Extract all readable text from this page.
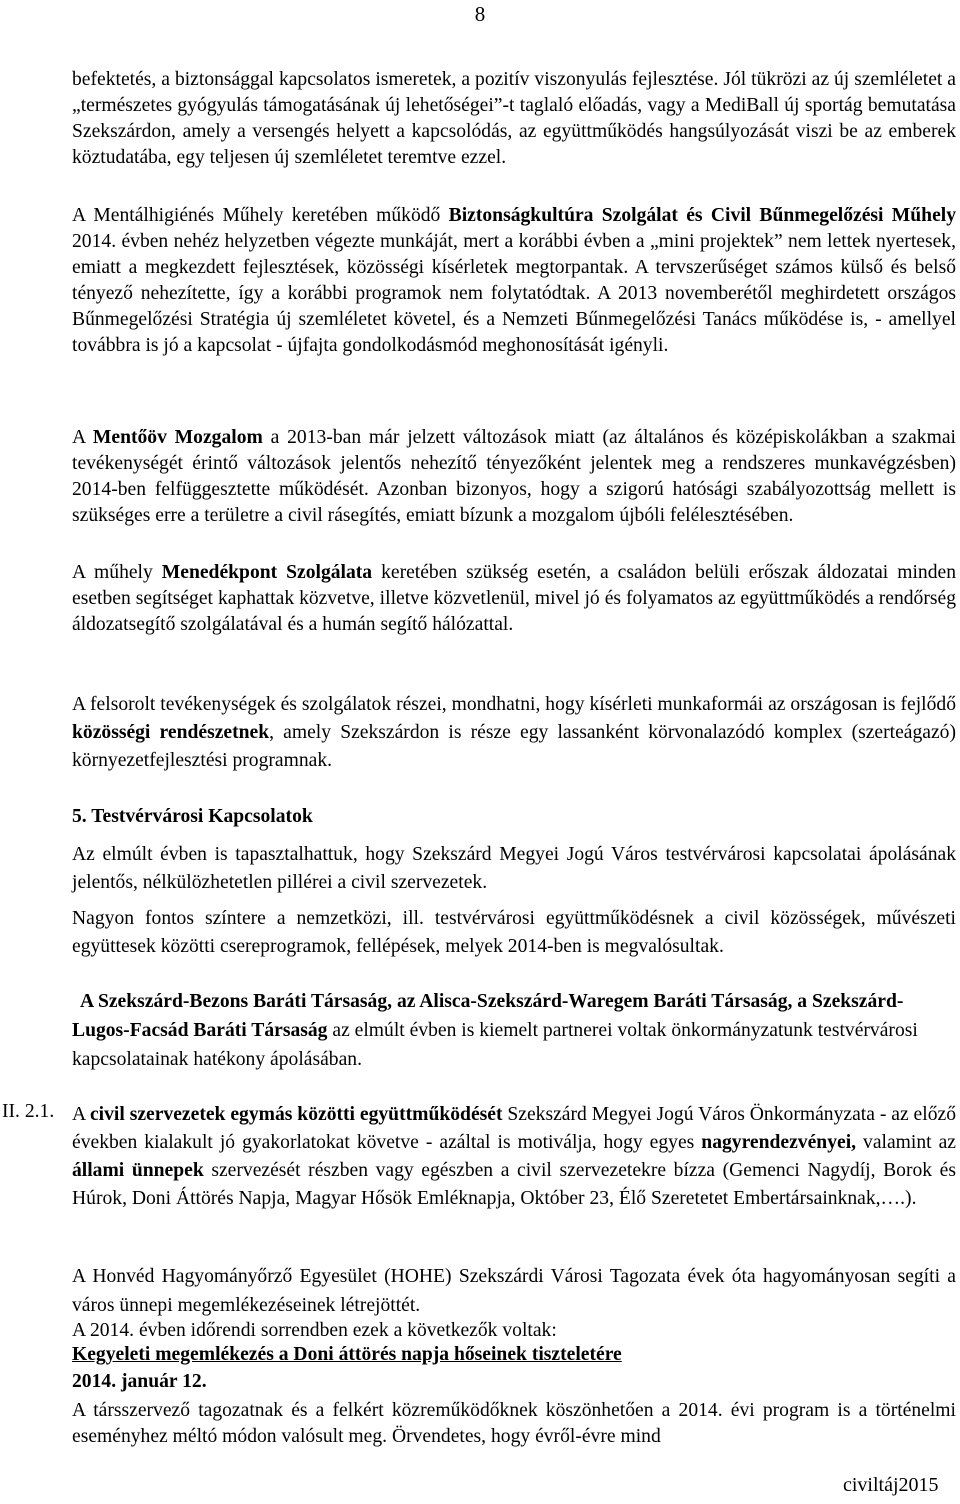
8
befektetés, a biztonsággal kapcsolatos ismeretek, a pozitív viszonyulás fejlesztése. Jól tükrözi az új szemléletet a „természetes gyógyulás támogatásának új lehetőségei”-t taglaló előadás, vagy a MediBall új sportág bemutatása Szekszárdon, amely a versengés helyett a kapcsolódás, az együttműködés hangsúlyozását viszi be az emberek köztudatába, egy teljesen új szemléletet teremtve ezzel.
A Mentálhigiénés Műhely keretében működő Biztonságkultúra Szolgálat és Civil Bűnmegelőzési Műhely 2014. évben nehéz helyzetben végezte munkáját, mert a korábbi évben a „mini projektek” nem lettek nyertesek, emiatt a megkezdett fejlesztések, közösségi kísérletek megtorpantak. A tervszerűséget számos külső és belső tényező nehezítette, így a korábbi programok nem folytatódtak. A 2013 novemberétől meghirdetett országos Bűnmegelőzési Stratégia új szemléletet követel, és a Nemzeti Bűnmegelőzési Tanács működése is, - amellyel továbbra is jó a kapcsolat - újfajta gondolkodásmód meghonosítását igényli.
A Mentőöv Mozgalom a 2013-ban már jelzett változások miatt (az általános és középiskolákban a szakmai tevékenységét érintő változások jelentős nehezítő tényezőként jelentek meg a rendszeres munkavégzésben) 2014-ben felfüggesztette működését. Azonban bizonyos, hogy a szigorú hatósági szabályozottság mellett is szükséges erre a területre a civil rásegítés, emiatt bízunk a mozgalom újbóli felélesztésében.
A műhely Menedékpont Szolgálata keretében szükség esetén, a családon belüli erőszak áldozatai minden esetben segítséget kaphattak közvetve, illetve közvetlenül, mivel jó és folyamatos az együttműködés a rendőrség áldozatsegítő szolgálatával és a humán segítő hálózattal.
A felsorolt tevékenységek és szolgálatok részei, mondhatni, hogy kísérleti munkaformái az országosan is fejlődő közösségi rendészetnek, amely Szekszárdon is része egy lassanként körvonalazódó komplex (szerteágazó) környezetfejlesztési programnak.
5. Testvérvárosi Kapcsolatok
Az elmúlt évben is tapasztalhattuk, hogy Szekszárd Megyei Jogú Város testvérvárosi kapcsolatai ápolásának jelentős, nélkülözhetetlen pillérei a civil szervezetek.
Nagyon fontos színtere a nemzetközi, ill. testvérvárosi együttműködésnek a civil közösségek, művészeti együttesek közötti csereprogramok, fellépések, melyek 2014-ben is megvalósultak.
A Szekszárd-Bezons Baráti Társaság, az Alisca-Szekszárd-Waregem Baráti Társaság, a Szekszárd-Lugos-Facsád Baráti Társaság az elmúlt évben is kiemelt partnerei voltak önkormányzatunk testvérvárosi kapcsolatainak hatékony ápolásában.
II. 2.1. A civil szervezetek egymás közötti együttműködését Szekszárd Megyei Jogú Város Önkormányzata - az előző években kialakult jó gyakorlatokat követve - azáltal is motiválja, hogy egyes nagyrendezvényei, valamint az állami ünnepek szervezését részben vagy egészben a civil szervezetekre bízza (Gemenci Nagydíj, Borok és Húrok, Doni Áttörés Napja, Magyar Hősök Emléknapja, Október 23, Élő Szeretetet Embertársainknak,….).
A Honvéd Hagyományőrző Egyesület (HOHE) Szekszárdi Városi Tagozata évek óta hagyományosan segíti a város ünnepi megemlékezéseinek létrejöttét.
A 2014. évben időrendi sorrendben ezek a következők voltak:
Kegyeleti megemlékezés a Doni áttörés napja hőseinek tiszteletére
2014. január 12.
A társszervező tagozatnak és a felkért közreműködőknek köszönhetően a 2014. évi program is a történelmi eseményhez méltó módon valósult meg. Örvendetes, hogy évről-évre mind
civiltáj2015
